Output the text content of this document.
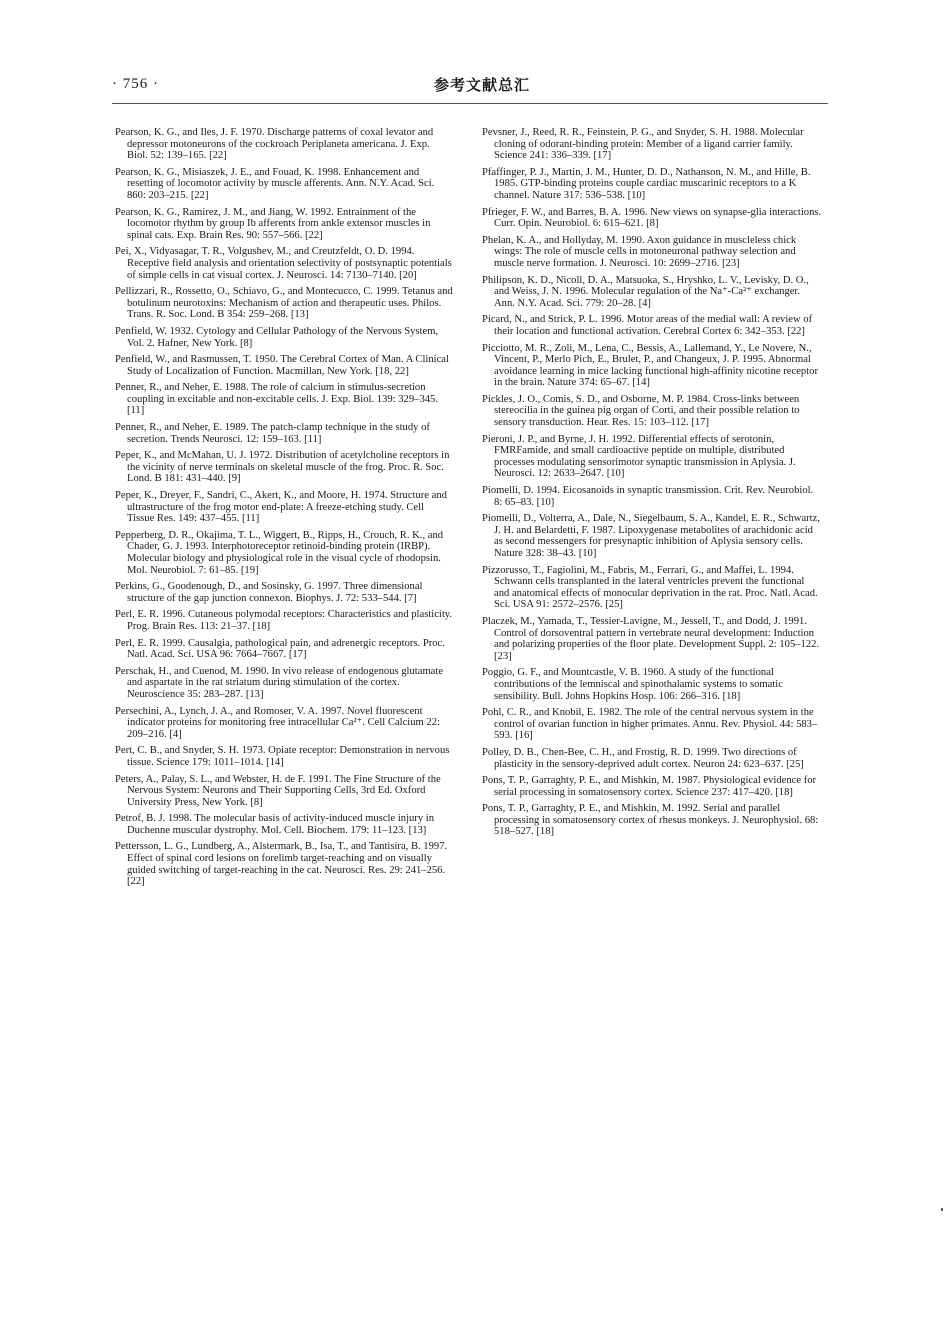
· 756 ·	参考文献总汇

Pearson, K. G., and Iles, J. F. 1970. Discharge patterns of coxal levator and depressor motoneurons of the cockroach Periplaneta americana. J. Exp. Biol. 52: 139–165. [22]

Pearson, K. G., Misiaszek, J. E., and Fouad, K. 1998. Enhancement and resetting of locomotor activity by muscle afferents. Ann. N.Y. Acad. Sci. 860: 203–215. [22]

Pearson, K. G., Ramirez, J. M., and Jiang, W. 1992. Entrainment of the locomotor rhythm by group Ib afferents from ankle extensor muscles in spinal cats. Exp. Brain Res. 90: 557–566. [22]

Pei, X., Vidyasagar, T. R., Volgushev, M., and Creutzfeldt, O. D. 1994. Receptive field analysis and orientation selectivity of postsynaptic potentials of simple cells in cat visual cortex. J. Neurosci. 14: 7130–7140. [20]

Pellizzari, R., Rossetto, O., Schiavo, G., and Montecucco, C. 1999. Tetanus and botulinum neurotoxins: Mechanism of action and therapeutic uses. Philos. Trans. R. Soc. Lond. B 354: 259–268. [13]

Penfield, W. 1932. Cytology and Cellular Pathology of the Nervous System, Vol. 2. Hafner, New York. [8]

Penfield, W., and Rasmussen, T. 1950. The Cerebral Cortex of Man. A Clinical Study of Localization of Function. Macmillan, New York. [18, 22]

Penner, R., and Neher, E. 1988. The role of calcium in stimulus-secretion coupling in excitable and non-excitable cells. J. Exp. Biol. 139: 329–345. [11]

Penner, R., and Neher, E. 1989. The patch-clamp technique in the study of secretion. Trends Neurosci. 12: 159–163. [11]

Peper, K., and McMahan, U. J. 1972. Distribution of acetylcholine receptors in the vicinity of nerve terminals on skeletal muscle of the frog. Proc. R. Soc. Lond. B 181: 431–440. [9]

Peper, K., Dreyer, F., Sandri, C., Akert, K., and Moore, H. 1974. Structure and ultrastructure of the frog motor end-plate: A freeze-etching study. Cell Tissue Res. 149: 437–455. [11]

Pepperberg, D. R., Okajima, T. L., Wiggert, B., Ripps, H., Crouch, R. K., and Chader, G. J. 1993. Interphotoreceptor retinoid-binding protein (IRBP). Molecular biology and physiological role in the visual cycle of rhodopsin. Mol. Neurobiol. 7: 61–85. [19]

Perkins, G., Goodenough, D., and Sosinsky, G. 1997. Three dimensional structure of the gap junction connexon. Biophys. J. 72: 533–544. [7]

Perl, E. R. 1996. Cutaneous polymodal receptors: Characteristics and plasticity. Prog. Brain Res. 113: 21–37. [18]

Perl, E. R. 1999. Causalgia, pathological pain, and adrenergic receptors. Proc. Natl. Acad. Sci. USA 96: 7664–7667. [17]

Perschak, H., and Cuenod, M. 1990. In vivo release of endogenous glutamate and aspartate in the rat striatum during stimulation of the cortex. Neuroscience 35: 283–287. [13]

Persechini, A., Lynch, J. A., and Romoser, V. A. 1997. Novel fluorescent indicator proteins for monitoring free intracellular Ca²⁺. Cell Calcium 22: 209–216. [4]

Pert, C. B., and Snyder, S. H. 1973. Opiate receptor: Demonstration in nervous tissue. Science 179: 1011–1014. [14]

Peters, A., Palay, S. L., and Webster, H. de F. 1991. The Fine Structure of the Nervous System: Neurons and Their Supporting Cells, 3rd Ed. Oxford University Press, New York. [8]

Petrof, B. J. 1998. The molecular basis of activity-induced muscle injury in Duchenne muscular dystrophy. Mol. Cell. Biochem. 179: 11–123. [13]

Pettersson, L. G., Lundberg, A., Alstermark, B., Isa, T., and Tantisira, B. 1997. Effect of spinal cord lesions on forelimb target-reaching and on visually guided switching of target-reaching in the cat. Neurosci. Res. 29: 241–256. [22]

Pevsner, J., Reed, R. R., Feinstein, P. G., and Snyder, S. H. 1988. Molecular cloning of odorant-binding protein: Member of a ligand carrier family. Science 241: 336–339. [17]

Pfaffinger, P. J., Martin, J. M., Hunter, D. D., Nathanson, N. M., and Hille, B. 1985. GTP-binding proteins couple cardiac muscarinic receptors to a K channel. Nature 317: 536–538. [10]

Pfrieger, F. W., and Barres, B. A. 1996. New views on synapse-glia interactions. Curr. Opin. Neurobiol. 6: 615–621. [8]

Phelan, K. A., and Hollyday, M. 1990. Axon guidance in muscleless chick wings: The role of muscle cells in motoneuronal pathway selection and muscle nerve formation. J. Neurosci. 10: 2699–2716. [23]

Philipson, K. D., Nicoll, D. A., Matsuoka, S., Hryshko, L. V., Levisky, D. O., and Weiss, J. N. 1996. Molecular regulation of the Na⁺-Ca²⁺ exchanger. Ann. N.Y. Acad. Sci. 779: 20–28. [4]

Picard, N., and Strick, P. L. 1996. Motor areas of the medial wall: A review of their location and functional activation. Cerebral Cortex 6: 342–353. [22]

Picciotto, M. R., Zoli, M., Lena, C., Bessis, A., Lallemand, Y., Le Novere, N., Vincent, P., Merlo Pich, E., Brulet, P., and Changeux, J. P. 1995. Abnormal avoidance learning in mice lacking functional high-affinity nicotine receptor in the brain. Nature 374: 65–67. [14]

Pickles, J. O., Comis, S. D., and Osborne, M. P. 1984. Cross-links between stereocilia in the guinea pig organ of Corti, and their possible relation to sensory transduction. Hear. Res. 15: 103–112. [17]

Pieroni, J. P., and Byrne, J. H. 1992. Differential effects of serotonin, FMRFamide, and small cardioactive peptide on multiple, distributed processes modulating sensorimotor synaptic transmission in Aplysia. J. Neurosci. 12: 2633–2647. [10]

Piomelli, D. 1994. Eicosanoids in synaptic transmission. Crit. Rev. Neurobiol. 8: 65–83. [10]

Piomelli, D., Volterra, A., Dale, N., Siegelbaum, S. A., Kandel, E. R., Schwartz, J. H. and Belardetti, F. 1987. Lipoxygenase metabolites of arachidonic acid as second messengers for presynaptic inhibition of Aplysia sensory cells. Nature 328: 38–43. [10]

Pizzorusso, T., Fagiolini, M., Fabris, M., Ferrari, G., and Maffei, L. 1994. Schwann cells transplanted in the lateral ventricles prevent the functional and anatomical effects of monocular deprivation in the rat. Proc. Natl. Acad. Sci. USA 91: 2572–2576. [25]

Placzek, M., Yamada, T., Tessier-Lavigne, M., Jessell, T., and Dodd, J. 1991. Control of dorsoventral pattern in vertebrate neural development: Induction and polarizing properties of the floor plate. Development Suppl. 2: 105–122. [23]

Poggio, G. F., and Mountcastle, V. B. 1960. A study of the functional contributions of the lemniscal and spinothalamic systems to somatic sensibility. Bull. Johns Hopkins Hosp. 106: 266–316. [18]

Pohl, C. R., and Knobil, E. 1982. The role of the central nervous system in the control of ovarian function in higher primates. Annu. Rev. Physiol. 44: 583–593. [16]

Polley, D. B., Chen-Bee, C. H., and Frostig, R. D. 1999. Two directions of plasticity in the sensory-deprived adult cortex. Neuron 24: 623–637. [25]

Pons, T. P., Garraghty, P. E., and Mishkin, M. 1987. Physiological evidence for serial processing in somatosensory cortex. Science 237: 417–420. [18]

Pons, T. P., Garraghty, P. E., and Mishkin, M. 1992. Serial and parallel processing in somatosensory cortex of rhesus monkeys. J. Neurophysiol. 68: 518–527. [18]
